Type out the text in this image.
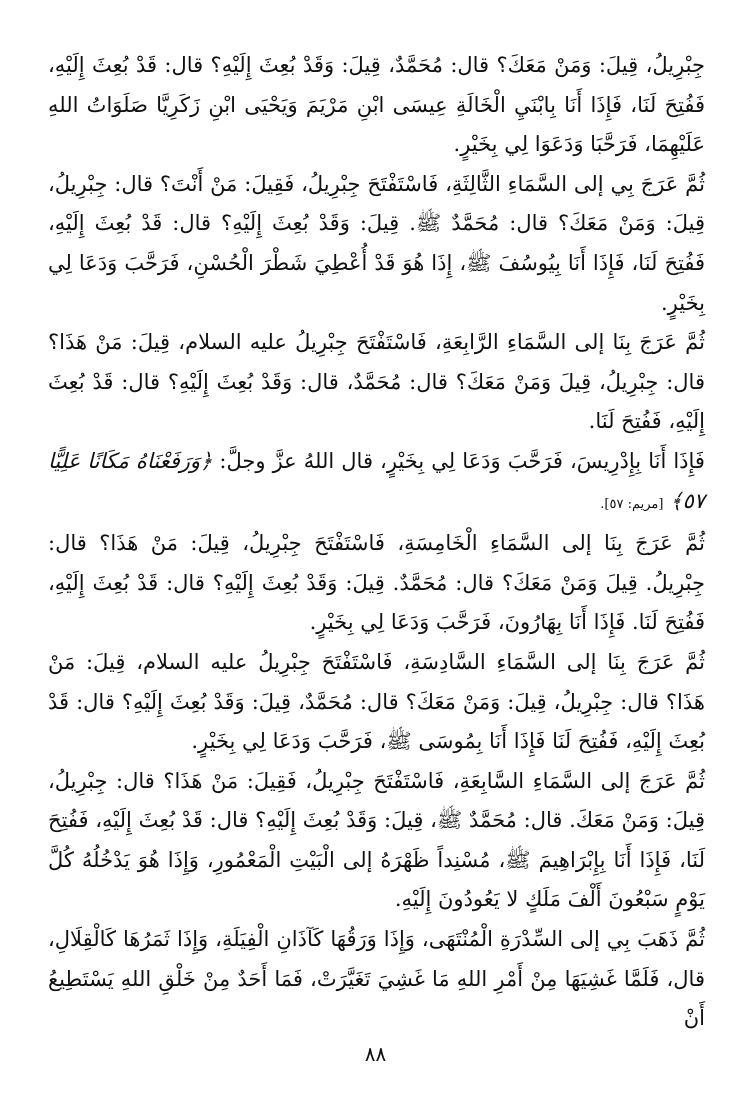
جِبْرِيلُ، قِيلَ: وَمَنْ مَعَكَ؟ قال: مُحَمَّدٌ، قِيلَ: وَقَدْ بُعِثَ إِلَيْهِ؟ قال: قَدْ بُعِثَ إِلَيْهِ، فَفُتِحَ لَنَا، فَإِذَا أَنَا بِابْنَيِ الْخَالَةِ عِيسَى ابْنِ مَرْيَمَ وَيَحْيَى ابْنِ زَكَرِيَّا صَلَوَاتُ اللهِ عَلَيْهِمَا، فَرَحَّبَا وَدَعَوَا لِي بِخَيْرٍ.

ثُمَّ عَرَجَ بِي إلى السَّمَاءِ الثَّالِثَةِ، فَاسْتَفْتَحَ جِبْرِيلُ، فَقِيلَ: مَنْ أَنْتَ؟ قال: جِبْرِيلُ، قِيلَ: وَمَنْ مَعَكَ؟ قال: مُحَمَّدٌ ﷺ. قِيلَ: وَقَدْ بُعِثَ إِلَيْهِ؟ قال: قَدْ بُعِثَ إِلَيْهِ، فَفُتِحَ لَنَا، فَإِذَا أَنَا بِيُوسُفَ ﷺ، إِذَا هُوَ قَدْ أُعْطِيَ شَطْرَ الْحُسْنِ، فَرَحَّبَ وَدَعَا لِي بِخَيْرٍ.

ثُمَّ عَرَجَ بِنَا إلى السَّمَاءِ الرَّابِعَةِ، فَاسْتَفْتَحَ جِبْرِيلُ عليه السلام، قِيلَ: مَنْ هَذَا؟ قال: جِبْرِيلُ، قِيلَ وَمَنْ مَعَكَ؟ قال: مُحَمَّدٌ، قال: وَقَدْ بُعِثَ إِلَيْهِ؟ قال: قَدْ بُعِثَ إِلَيْهِ، فَفُتِحَ لَنَا.

فَإِذَا أَنَا بِإِدْرِيسَ، فَرَحَّبَ وَدَعَا لِي بِخَيْرٍ، قال اللهُ عزَّ وجلَّ: ﴿وَرَفَعْنَاهُ مَكَانًا عَلِيًّا ٥٧﴾ [مريم: ٥٧].

ثُمَّ عَرَجَ بِنَا إلى السَّمَاءِ الْخَامِسَةِ، فَاسْتَفْتَحَ جِبْرِيلُ، قِيلَ: مَنْ هَذَا؟ قال: جِبْرِيلُ. قِيلَ وَمَنْ مَعَكَ؟ قال: مُحَمَّدٌ. قِيلَ: وَقَدْ بُعِثَ إِلَيْهِ؟ قال: قَدْ بُعِثَ إِلَيْهِ، فَفُتِحَ لَنَا. فَإِذَا أَنَا بِهَارُونَ، فَرَحَّبَ وَدَعَا لِي بِخَيْرٍ.

ثُمَّ عَرَجَ بِنَا إلى السَّمَاءِ السَّادِسَةِ، فَاسْتَفْتَحَ جِبْرِيلُ عليه السلام، قِيلَ: مَنْ هَذَا؟ قال: جِبْرِيلُ، قِيلَ: وَمَنْ مَعَكَ؟ قال: مُحَمَّدٌ، قِيلَ: وَقَدْ بُعِثَ إِلَيْهِ؟ قال: قَدْ بُعِثَ إِلَيْهِ، فَفُتِحَ لَنَا فَإِذَا أَنَا بِمُوسَى ﷺ، فَرَحَّبَ وَدَعَا لِي بِخَيْرٍ.

ثُمَّ عَرَجَ إلى السَّمَاءِ السَّابِعَةِ، فَاسْتَفْتَحَ جِبْرِيلُ، فَقِيلَ: مَنْ هَذَا؟ قال: جِبْرِيلُ، قِيلَ: وَمَنْ مَعَكَ. قال: مُحَمَّدٌ ﷺ، قِيلَ: وَقَدْ بُعِثَ إِلَيْهِ؟ قال: قَدْ بُعِثَ إِلَيْهِ، فَفُتِحَ لَنَا، فَإِذَا أَنَا بِإِبْرَاهِيمَ ﷺ، مُسْنِداً ظَهْرَهُ إلى الْبَيْتِ الْمَعْمُورِ، وَإِذَا هُوَ يَدْخُلُهُ كُلَّ يَوْمٍ سَبْعُونَ أَلْفَ مَلَكٍ لا يَعُودُونَ إِلَيْهِ.

ثُمَّ ذَهَبَ بِي إلى السِّدْرَةِ الْمُنْتَهَى، وَإِذَا وَرَقُهَا كَآذَانِ الْفِيَلَةِ، وَإِذَا ثَمَرُهَا كَالْقِلَالِ، قال، فَلَمَّا غَشِيَهَا مِنْ أَمْرِ اللهِ مَا غَشِيَ تَغَيَّرَتْ، فَمَا أَحَدٌ مِنْ خَلْقِ اللهِ يَسْتَطِيعُ أَنْ

٨٨
